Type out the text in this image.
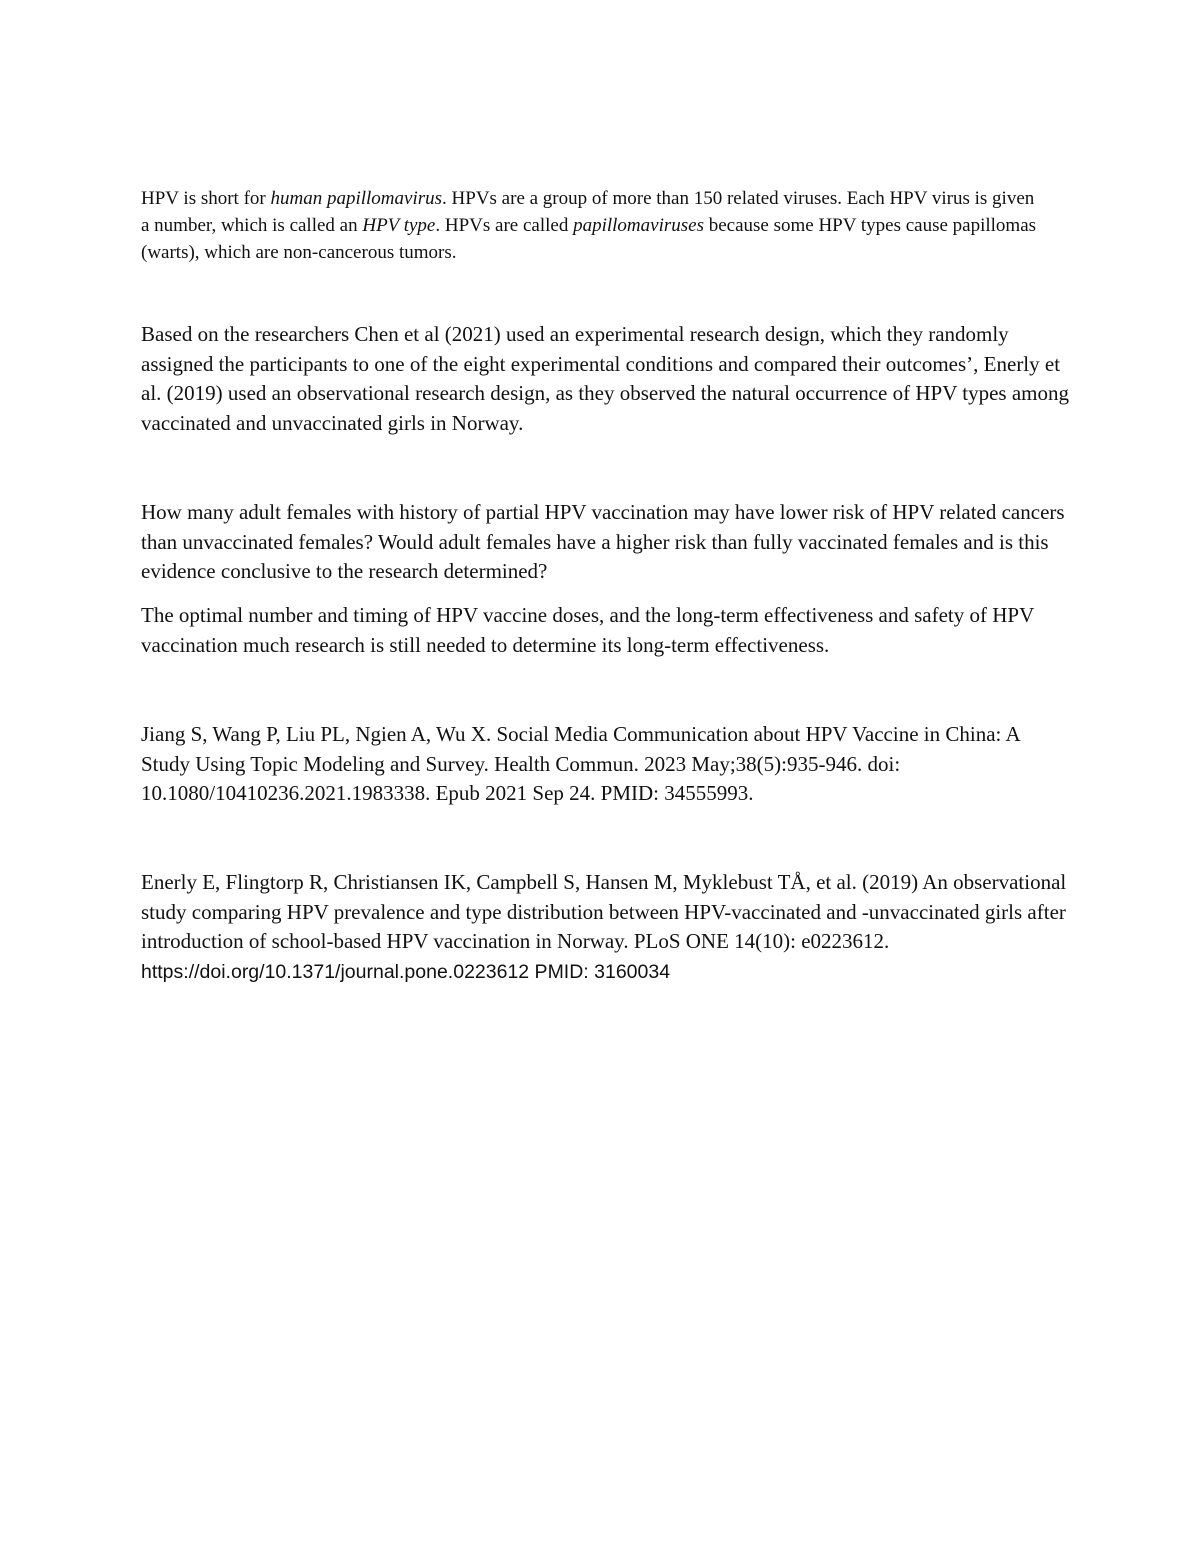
HPV is short for human papillomavirus. HPVs are a group of more than 150 related viruses. Each HPV virus is given a number, which is called an HPV type. HPVs are called papillomaviruses because some HPV types cause papillomas (warts), which are non-cancerous tumors.

Based on the researchers Chen et al (2021) used an experimental research design, which they randomly assigned the participants to one of the eight experimental conditions and compared their outcomes’, Enerly et al. (2019) used an observational research design, as they observed the natural occurrence of HPV types among vaccinated and unvaccinated girls in Norway.

How many adult females with history of partial HPV vaccination may have lower risk of HPV related cancers than unvaccinated females? Would adult females have a higher risk than fully vaccinated females and is this evidence conclusive to the research determined?

The optimal number and timing of HPV vaccine doses, and the long-term effectiveness and safety of HPV vaccination much research is still needed to determine its long-term effectiveness.

Jiang S, Wang P, Liu PL, Ngien A, Wu X. Social Media Communication about HPV Vaccine in China: A Study Using Topic Modeling and Survey. Health Commun. 2023 May;38(5):935-946. doi: 10.1080/10410236.2021.1983338. Epub 2021 Sep 24. PMID: 34555993.

Enerly E, Flingtorp R, Christiansen IK, Campbell S, Hansen M, Myklebust TÅ, et al. (2019) An observational study comparing HPV prevalence and type distribution between HPV-vaccinated and -unvaccinated girls after introduction of school-based HPV vaccination in Norway. PLoS ONE 14(10): e0223612. https://doi.org/10.1371/journal.pone.0223612 PMID: 3160034
